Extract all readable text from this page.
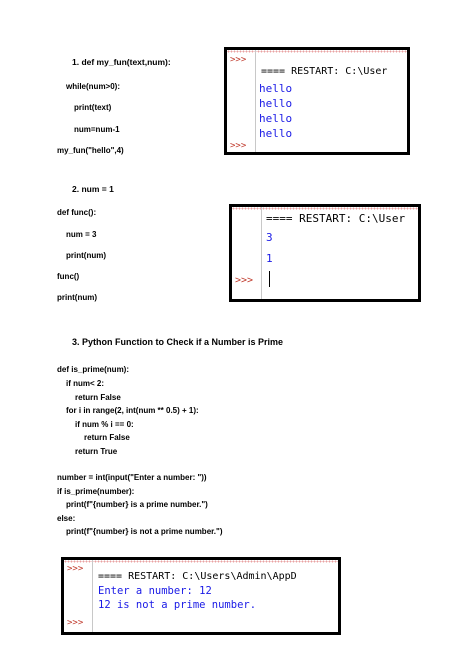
1. def my_fun(text,num):
while(num>0):
print(text)
num=num-1
my_fun("hello",4)
>>>
==== RESTART: C:\User
hello
hello
hello
hello
>>>
2. num = 1
def func():
num = 3
print(num)
func()
print(num)
==== RESTART: C:\User
3
1
>>>
3. Python Function to Check if a Number is Prime
def is_prime(num):
if num< 2:
return False
for i in range(2, int(num ** 0.5) + 1):
if num % i == 0:
return False
return True
number = int(input("Enter a number: "))
if is_prime(number):
print(f"{number} is a prime number.")
else:
print(f"{number} is not a prime number.")
>>>
==== RESTART: C:\Users\Admin\AppD
Enter a number: 12
12 is not a prime number.
>>>
